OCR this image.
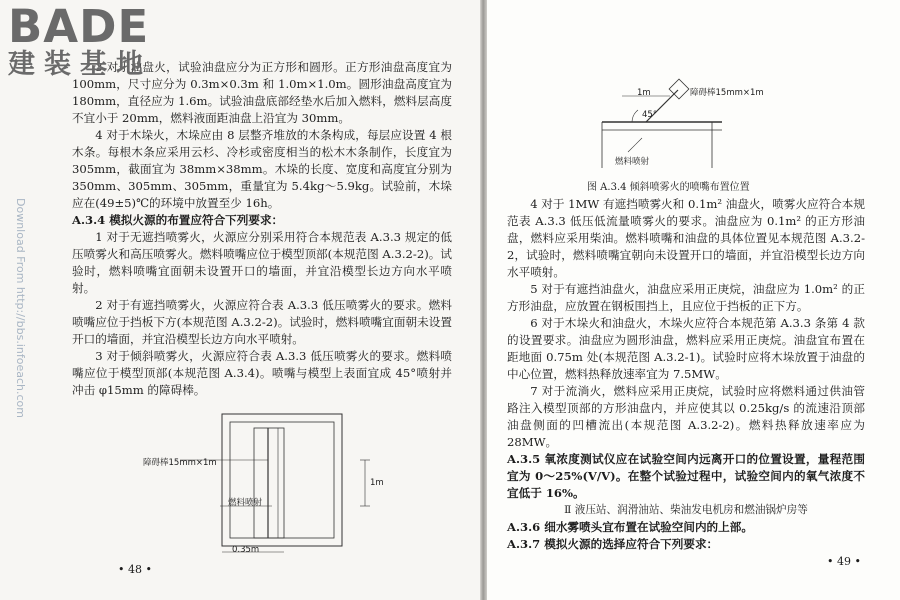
3 对于油盘火，试验油盘应分为正方形和圆形。正方形油盘高度宜为 100mm，尺寸应分为 0.3m×0.3m 和 1.0m×1.0m。圆形油盘高度宜为 180mm，直径应为 1.6m。试验油盘底部经垫水后加入燃料，燃料层高度不宜小于 20mm，燃料液面距油盘上沿宜为 30mm。

4 对于木垛火，木垛应由 8 层整齐堆放的木条构成，每层应设置 4 根木条。每根木条应采用云杉、冷杉或密度相当的松木木条制作，长度宜为 305mm，截面宜为 38mm×38mm。木垛的长度、宽度和高度宜分别为 350mm、305mm、305mm，重量宜为 5.4kg～5.9kg。试验前，木垛应在(49±5)℃的环境中放置至少 16h。

A.3.4 模拟火源的布置应符合下列要求：

1 对于无遮挡喷雾火，火源应分别采用符合本规范表 A.3.3 规定的低压喷雾火和高压喷雾火。燃料喷嘴应位于模型顶部(本规范图 A.3.2-2)。试验时，燃料喷嘴宜面朝未设置开口的墙面，并宜沿模型长边方向水平喷射。

2 对于有遮挡喷雾火，火源应符合表 A.3.3 低压喷雾火的要求。燃料喷嘴应位于挡板下方(本规范图 A.3.2-2)。试验时，燃料喷嘴宜面朝未设置开口的墙面，并宜沿模型长边方向水平喷射。

3 对于倾斜喷雾火，火源应符合表 A.3.3 低压喷雾火的要求。燃料喷嘴应位于模型顶部(本规范图 A.3.4)。喷嘴与模型上表面宜成 45°喷射并冲击 φ15mm 的障碍棒。

障碍棒15mm×1m
燃料喷射
1m
0.35m
• 48 •
Download From http://bbs.infoeach.com
BADE
建装基地
障碍棒15mm×1m
1m
45°
燃料喷射
图 A.3.4 倾斜喷雾火的喷嘴布置位置

4 对于 1MW 有遮挡喷雾火和 0.1m² 油盘火，喷雾火应符合本规范表 A.3.3 低压低流量喷雾火的要求。油盘应为 0.1m² 的正方形油盘，燃料应采用柴油。燃料喷嘴和油盘的具体位置见本规范图 A.3.2-2，试验时，燃料喷嘴宜朝向未设置开口的墙面，并宜沿模型长边方向水平喷射。

5 对于有遮挡油盘火，油盘应采用正庚烷，油盘应为 1.0m² 的正方形油盘，应放置在钢板围挡上，且应位于挡板的正下方。

6 对于木垛火和油盘火，木垛火应符合本规范第 A.3.3 条第 4 款的设置要求。油盘应为圆形油盘，燃料应采用正庚烷。油盘宜布置在距地面 0.75m 处(本规范图 A.3.2-1)。试验时应将木垛放置于油盘的中心位置，燃料热释放速率宜为 7.5MW。

7 对于流淌火，燃料应采用正庚烷，试验时应将燃料通过供油管路注入模型顶部的方形油盘内，并应使其以 0.25kg/s 的流速沿顶部油盘侧面的凹槽流出(本规范图 A.3.2-2)。燃料热释放速率应为 28MW。

A.3.5 氧浓度测试仪应在试验空间内远离开口的位置设置，量程范围宜为 0～25%(V/V)。在整个试验过程中，试验空间内的氧气浓度不宜低于 16%。

Ⅱ 液压站、润滑油站、柴油发电机房和燃油锅炉房等

A.3.6 细水雾喷头宜布置在试验空间内的上部。

A.3.7 模拟火源的选择应符合下列要求：

• 49 •
